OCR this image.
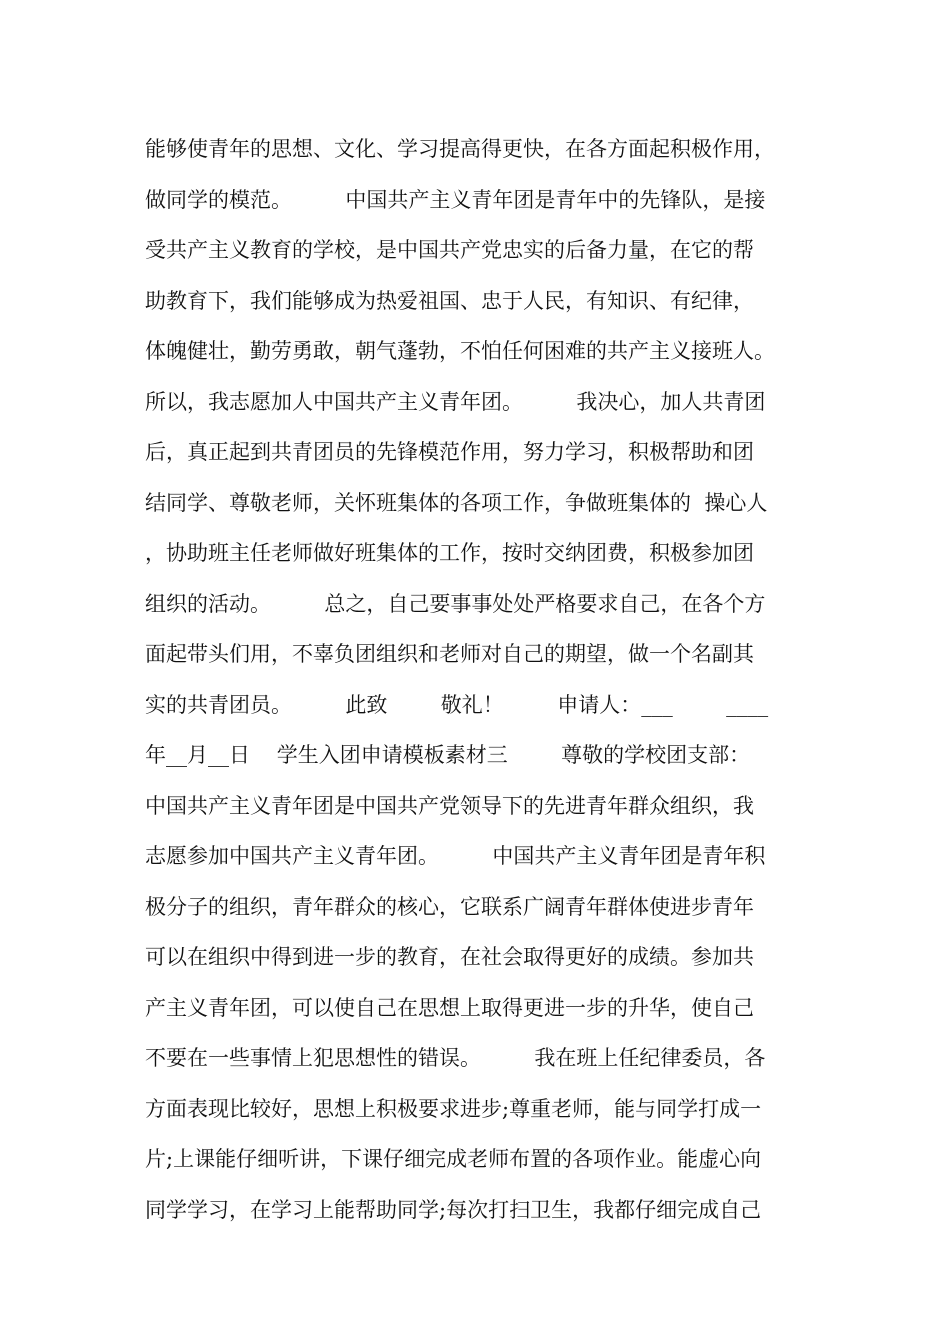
能够使青年的思想、文化、学习提高得更快，在各方面起积极作用，
做同学的模范。        中国共产主义青年团是青年中的先锋队，是接
受共产主义教育的学校，是中国共产党忠实的后备力量，在它的帮
助教育下，我们能够成为热爱祖国、忠于人民，有知识、有纪律，
体魄健壮，勤劳勇敢，朝气蓬勃，不怕任何困难的共产主义接班人。
所以，我志愿加人中国共产主义青年团。        我决心，加人共青团
后，真正起到共青团员的先锋模范作用，努力学习，积极帮助和团
结同学、尊敬老师，关怀班集体的各项工作，争做班集体的  操心人
，协助班主任老师做好班集体的工作，按时交纳团费，积极参加团
组织的活动。        总之，自己要事事处处严格要求自己，在各个方
面起带头们用，不辜负团组织和老师对自己的期望，做一个名副其
实的共青团员。        此致        敬礼！        申请人：___        ____
年__月__日    学生入团申请模板素材三        尊敬的学校团支部：
中国共产主义青年团是中国共产党领导下的先进青年群众组织，我
志愿参加中国共产主义青年团。        中国共产主义青年团是青年积
极分子的组织，青年群众的核心，它联系广阔青年群体使进步青年
可以在组织中得到进一步的教育，在社会取得更好的成绩。参加共
产主义青年团，可以使自己在思想上取得更进一步的升华，使自己
不要在一些事情上犯思想性的错误。        我在班上任纪律委员，各
方面表现比较好，思想上积极要求进步;尊重老师，能与同学打成一
片;上课能仔细听讲，下课仔细完成老师布置的各项作业。能虚心向
同学学习，在学习上能帮助同学;每次打扫卫生，我都仔细完成自己
